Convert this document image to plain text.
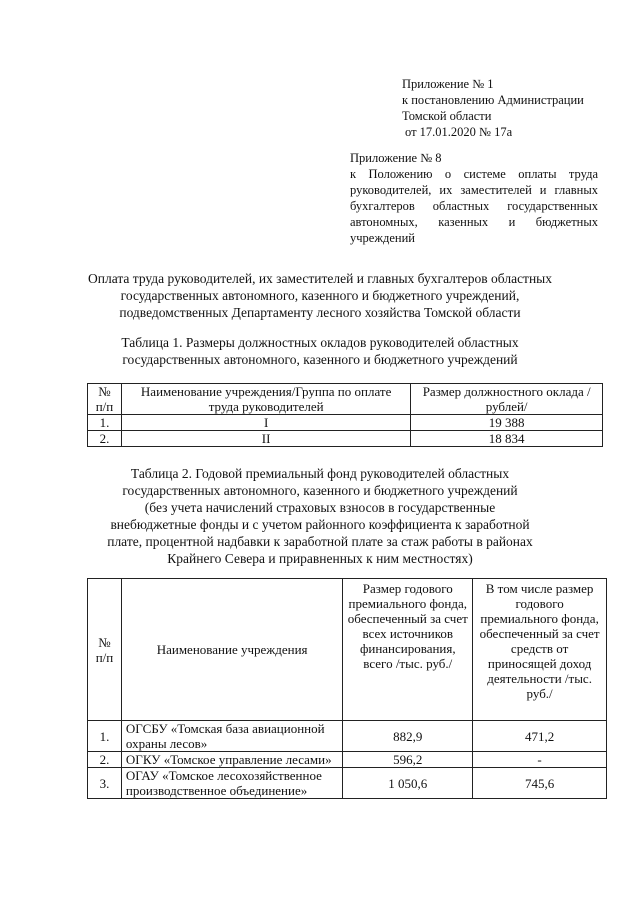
Приложение № 1
к постановлению Администрации
Томской области
от 17.01.2020 № 17а
Приложение № 8
к Положению о системе оплаты труда руководителей, их заместителей и главных бухгалтеров областных государственных автономных, казенных и бюджетных учреждений
Оплата труда руководителей, их заместителей и главных бухгалтеров областных
государственных автономного, казенного и бюджетного учреждений,
подведомственных Департаменту лесного хозяйства Томской области
Таблица 1. Размеры должностных окладов руководителей областных
государственных автономного, казенного и бюджетного учреждений
№ п/п	Наименование учреждения/Группа по оплате труда руководителей	Размер должностного оклада /рублей/
1.	I	19 388
2.	II	18 834
Таблица 2. Годовой премиальный фонд руководителей областных
государственных автономного, казенного и бюджетного учреждений
(без учета начислений страховых взносов в государственные
внебюджетные фонды и с учетом районного коэффициента к заработной
плате, процентной надбавки к заработной плате за стаж работы в районах
Крайнего Севера и приравненных к ним местностях)
№ п/п	Наименование учреждения	Размер годового премиального фонда, обеспеченный за счет всех источников финансирования, всего /тыс. руб./	В том числе размер годового премиального фонда, обеспеченный за счет средств от приносящей доход деятельности /тыс. руб./
1.	ОГСБУ «Томская база авиационной охраны лесов»	882,9	471,2
2.	ОГКУ «Томское управление лесами»	596,2	-
3.	ОГАУ «Томское лесохозяйственное производственное объединение»	1 050,6	745,6
